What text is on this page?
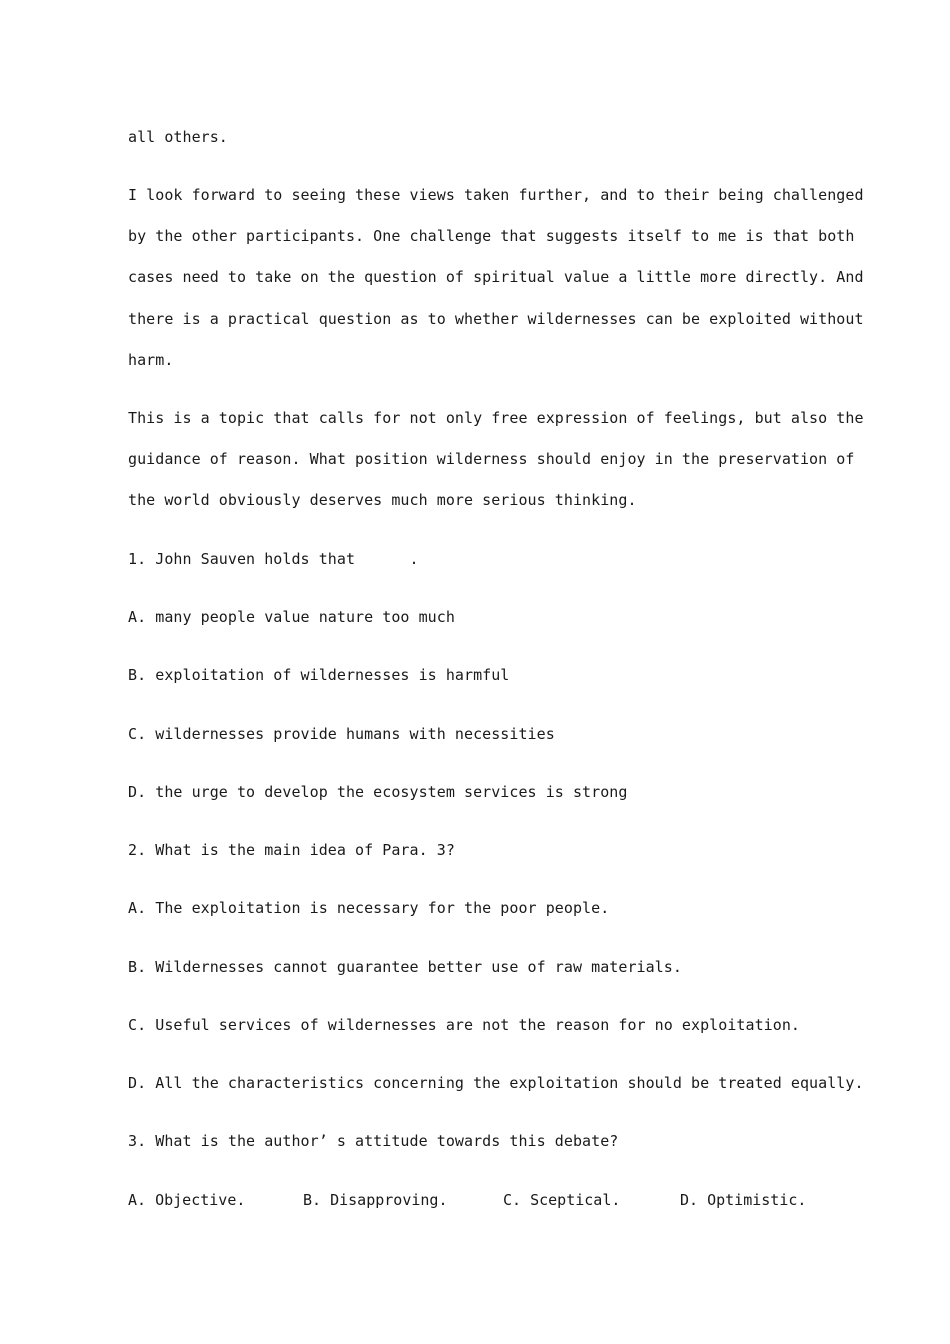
all others.
I look forward to seeing these views taken further, and to their being challenged
by the other participants. One challenge that suggests itself to me is that both
cases need to take on the question of spiritual value a little more directly. And
there is a practical question as to whether wildernesses can be exploited without
harm.
This is a topic that calls for not only free expression of feelings, but also the
guidance of reason. What position wilderness should enjoy in the preservation of
the world obviously deserves much more serious thinking.
1. John Sauven holds that      .
A. many people value nature too much
B. exploitation of wildernesses is harmful
C. wildernesses provide humans with necessities
D. the urge to develop the ecosystem services is strong
2. What is the main idea of Para. 3?
A. The exploitation is necessary for the poor people.
B. Wildernesses cannot guarantee better use of raw materials.
C. Useful services of wildernesses are not the reason for no exploitation.
D. All the characteristics concerning the exploitation should be treated equally.
3. What is the author’ s attitude towards this debate?

A. Objective.

	B. Disapproving.

	C. Sceptical.

	D. Optimistic.
